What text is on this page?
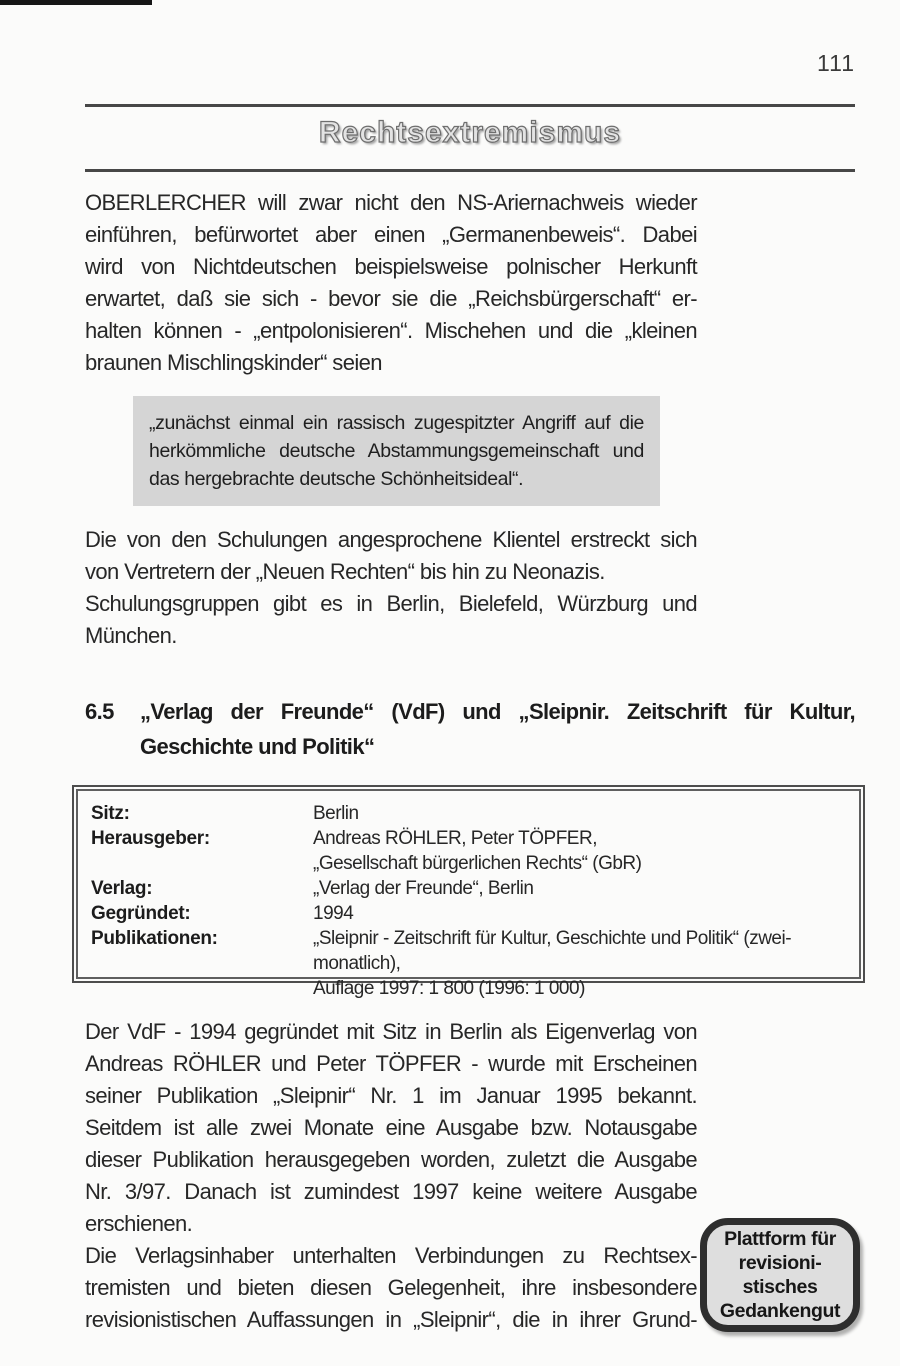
111
Rechtsextremismus
OBERLERCHER will zwar nicht den NS-Ariernachweis wieder
einführen, befürwortet aber einen „Germanenbeweis“. Dabei
wird von Nichtdeutschen beispielsweise polnischer Herkunft
erwartet, daß sie sich - bevor sie die „Reichsbürgerschaft“ er-
halten können - „entpolonisieren“. Mischehen und die „kleinen
braunen Mischlingskinder“ seien
„zunächst einmal ein rassisch zugespitzter Angriff auf die
herkömmliche deutsche Abstammungsgemeinschaft und
das hergebrachte deutsche Schönheitsideal“.
Die von den Schulungen angesprochene Klientel erstreckt sich
von Vertretern der „Neuen Rechten“ bis hin zu Neonazis.
Schulungsgruppen gibt es in Berlin, Bielefeld, Würzburg und
München.
6.5	„Verlag der Freunde“ (VdF) und „Sleipnir. Zeitschrift für Kultur,
Geschichte und Politik“
Sitz:	Berlin
Herausgeber:	Andreas RÖHLER, Peter TÖPFER,
„Gesellschaft bürgerlichen Rechts“ (GbR)
Verlag:	„Verlag der Freunde“, Berlin
Gegründet:	1994
Publikationen:	„Sleipnir - Zeitschrift für Kultur, Geschichte und Politik“ (zwei-
monatlich),
Auflage 1997: 1 800 (1996: 1 000)
Der VdF - 1994 gegründet mit Sitz in Berlin als Eigenverlag von
Andreas RÖHLER und Peter TÖPFER - wurde mit Erscheinen
seiner Publikation „Sleipnir“ Nr. 1 im Januar 1995 bekannt.
Seitdem ist alle zwei Monate eine Ausgabe bzw. Notausgabe
dieser Publikation herausgegeben worden, zuletzt die Ausgabe
Nr. 3/97. Danach ist zumindest 1997 keine weitere Ausgabe
erschienen.
Die Verlagsinhaber unterhalten Verbindungen zu Rechtsex-
tremisten und bieten diesen Gelegenheit, ihre insbesondere
revisionistischen Auffassungen in „Sleipnir“, die in ihrer Grund-
Plattform für
revisioni-
stisches
Gedankengut
